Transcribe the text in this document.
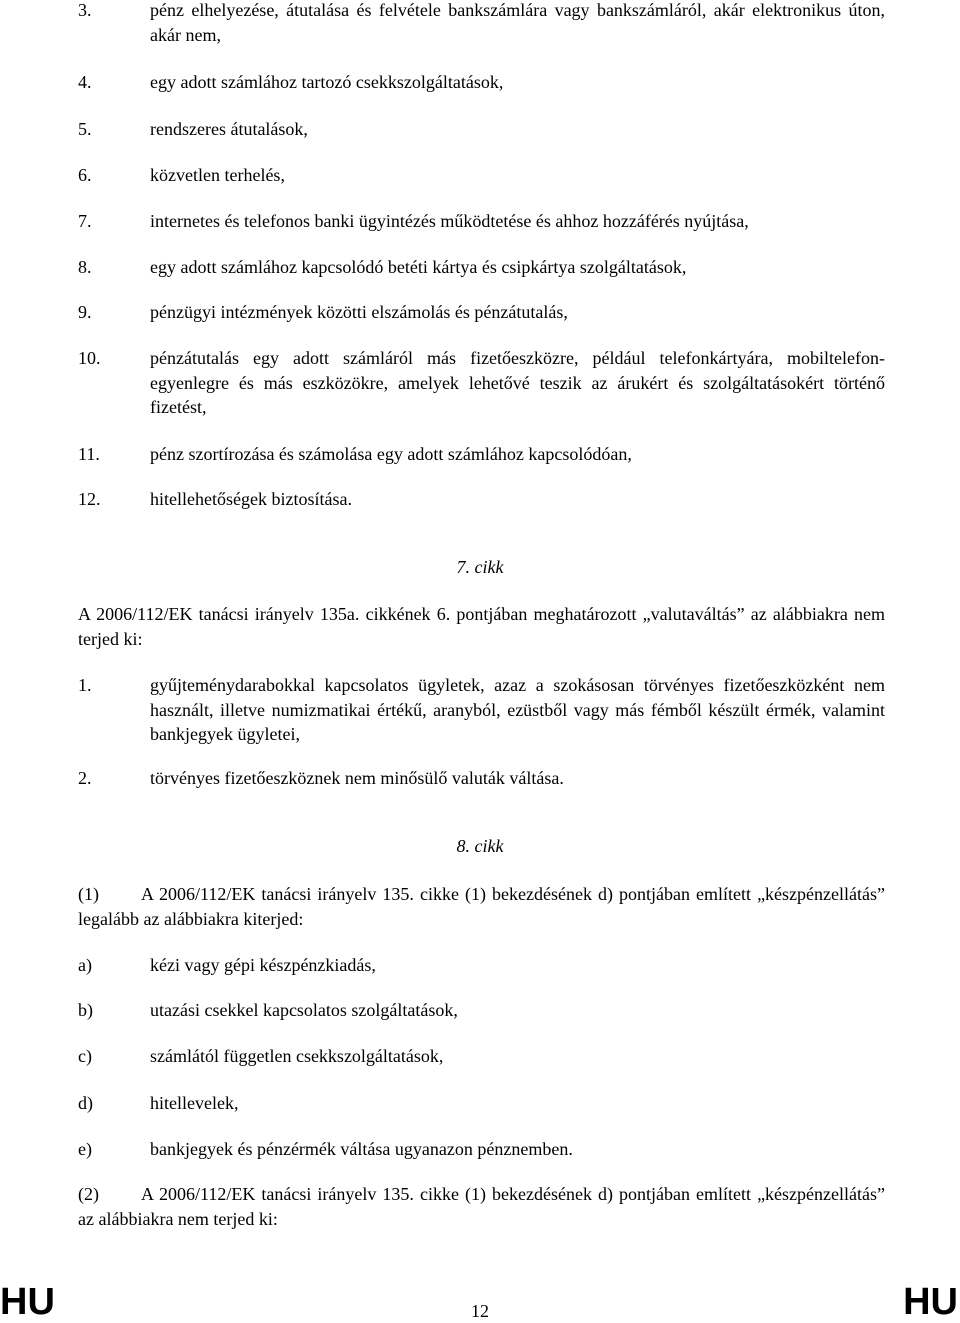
3.	pénz elhelyezése, átutalása és felvétele bankszámlára vagy bankszámláról, akár elektronikus úton, akár nem,
4.	egy adott számlához tartozó csekkszolgáltatások,
5.	rendszeres átutalások,
6.	közvetlen terhelés,
7.	internetes és telefonos banki ügyintézés működtetése és ahhoz hozzáférés nyújtása,
8.	egy adott számlához kapcsolódó betéti kártya és csipkártya szolgáltatások,
9.	pénzügyi intézmények közötti elszámolás és pénzátutalás,
10.	pénzátutalás egy adott számláról más fizetőeszközre, például telefonkártyára, mobiltelefon-egyenlegre és más eszközökre, amelyek lehetővé teszik az árukért és szolgáltatásokért történő fizetést,
11.	pénz szortírozása és számolása egy adott számlához kapcsolódóan,
12.	hitellehetőségek biztosítása.
7. cikk
A 2006/112/EK tanácsi irányelv 135a. cikkének 6. pontjában meghatározott „valutaváltás” az alábbiakra nem terjed ki:
1.	gyűjteménydarabokkal kapcsolatos ügyletek, azaz a szokásosan törvényes fizetőeszközként nem használt, illetve numizmatikai értékű, aranyból, ezüstből vagy más fémből készült érmék, valamint bankjegyek ügyletei,
2.	törvényes fizetőeszköznek nem minősülő valuták váltása.
8. cikk
(1)	A 2006/112/EK tanácsi irányelv 135. cikke (1) bekezdésének d) pontjában említett „készpénzellátás” legalább az alábbiakra kiterjed:
a)	kézi vagy gépi készpénzkiadás,
b)	utazási csekkel kapcsolatos szolgáltatások,
c)	számlától független csekkszolgáltatások,
d)	hitellevelek,
e)	bankjegyek és pénzérmék váltása ugyanazon pénznemben.
(2)	A 2006/112/EK tanácsi irányelv 135. cikke (1) bekezdésének d) pontjában említett „készpénzellátás” az alábbiakra nem terjed ki:
HU	12	HU
